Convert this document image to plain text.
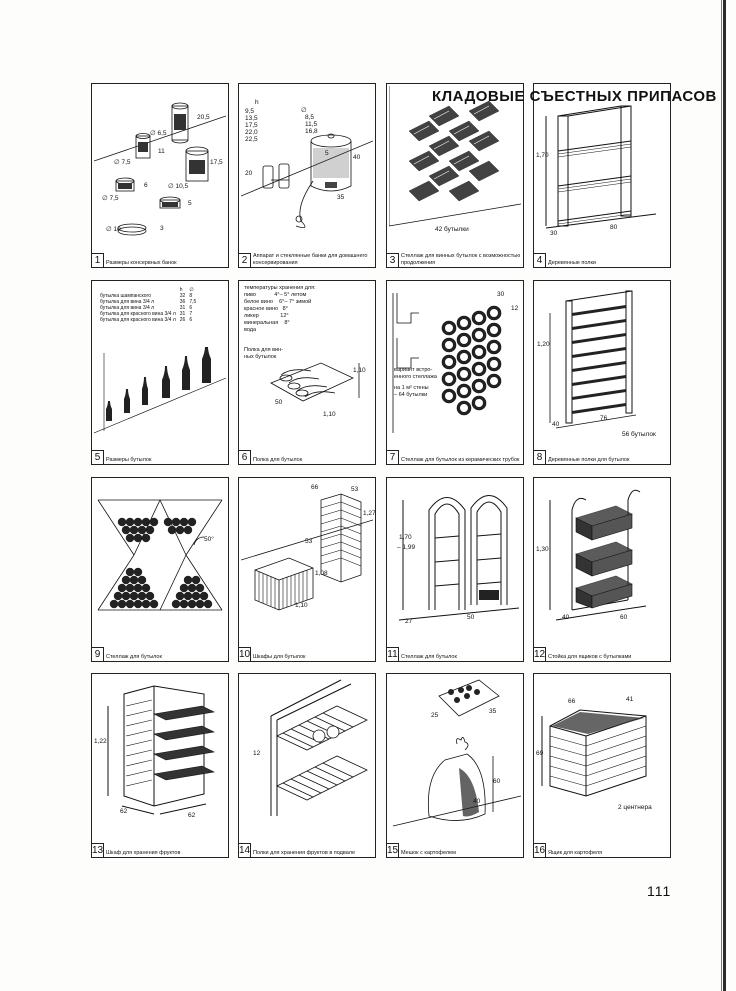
∅ 6,5
20,5
∅ 7,5
11
17,5
6	∅ 10,5
∅ 7,5
5
∅ 10	3
1	Размеры консервных банок
h
9,5
13,5
17,5
22,0
22,5
∅
8,5
11,5
16,8
20
5
40
35
2	Аппарат и стеклянные банки для домашнего консервирования
42 бутылки
3	Стеллаж для винных бутылок с возможностью продолжения
1,70
30
80
4	Деревянные полки
	h	∅
бутылка шампанского	32	8
бутылка для вина 3/4 л	36	7,5
бутылка для вина 3/4 л	31	6
бутылка для красного вина 3/4 л	31	7
бутылка для красного вина 3/4 л	26	6
5	Размеры бутылок
температуры хранения для:
пиво            4°– 5° летом
белое вино    6°– 7° зимой
красное вино   8°
ликер              12°
минеральная    8°
вода
Полка для вин-
ных бутылок
1,10
50
1,10
6	Полка для бутылок
вариант встро-
енного стеллажа
на 1 м² стены
– 64 бутылки
30
12
7	Стеллаж для бутылок из керамических трубок
1,20
40
76
56 бутылок
8	Деревянные полки для бутылок
50°
9	Стеллаж для бутылок
66	53
1,27
53
1,08
1,10
10 Шкафы для бутылок
1,70
– 1,99
27
50
11 Стеллаж для бутылок
1,30
40	60
12 Стойка для ящиков с бутылками
1,22
62
62
13 Шкаф для хранения фруктов
12
14 Полки для хранения фруктов в подвале
25
35
60
40
15 Мешок с картофелем
66	41
69
2 центнера
16 Ящик для картофеля
КЛАДОВЫЕ СЪЕСТНЫХ ПРИПАСОВ
111
